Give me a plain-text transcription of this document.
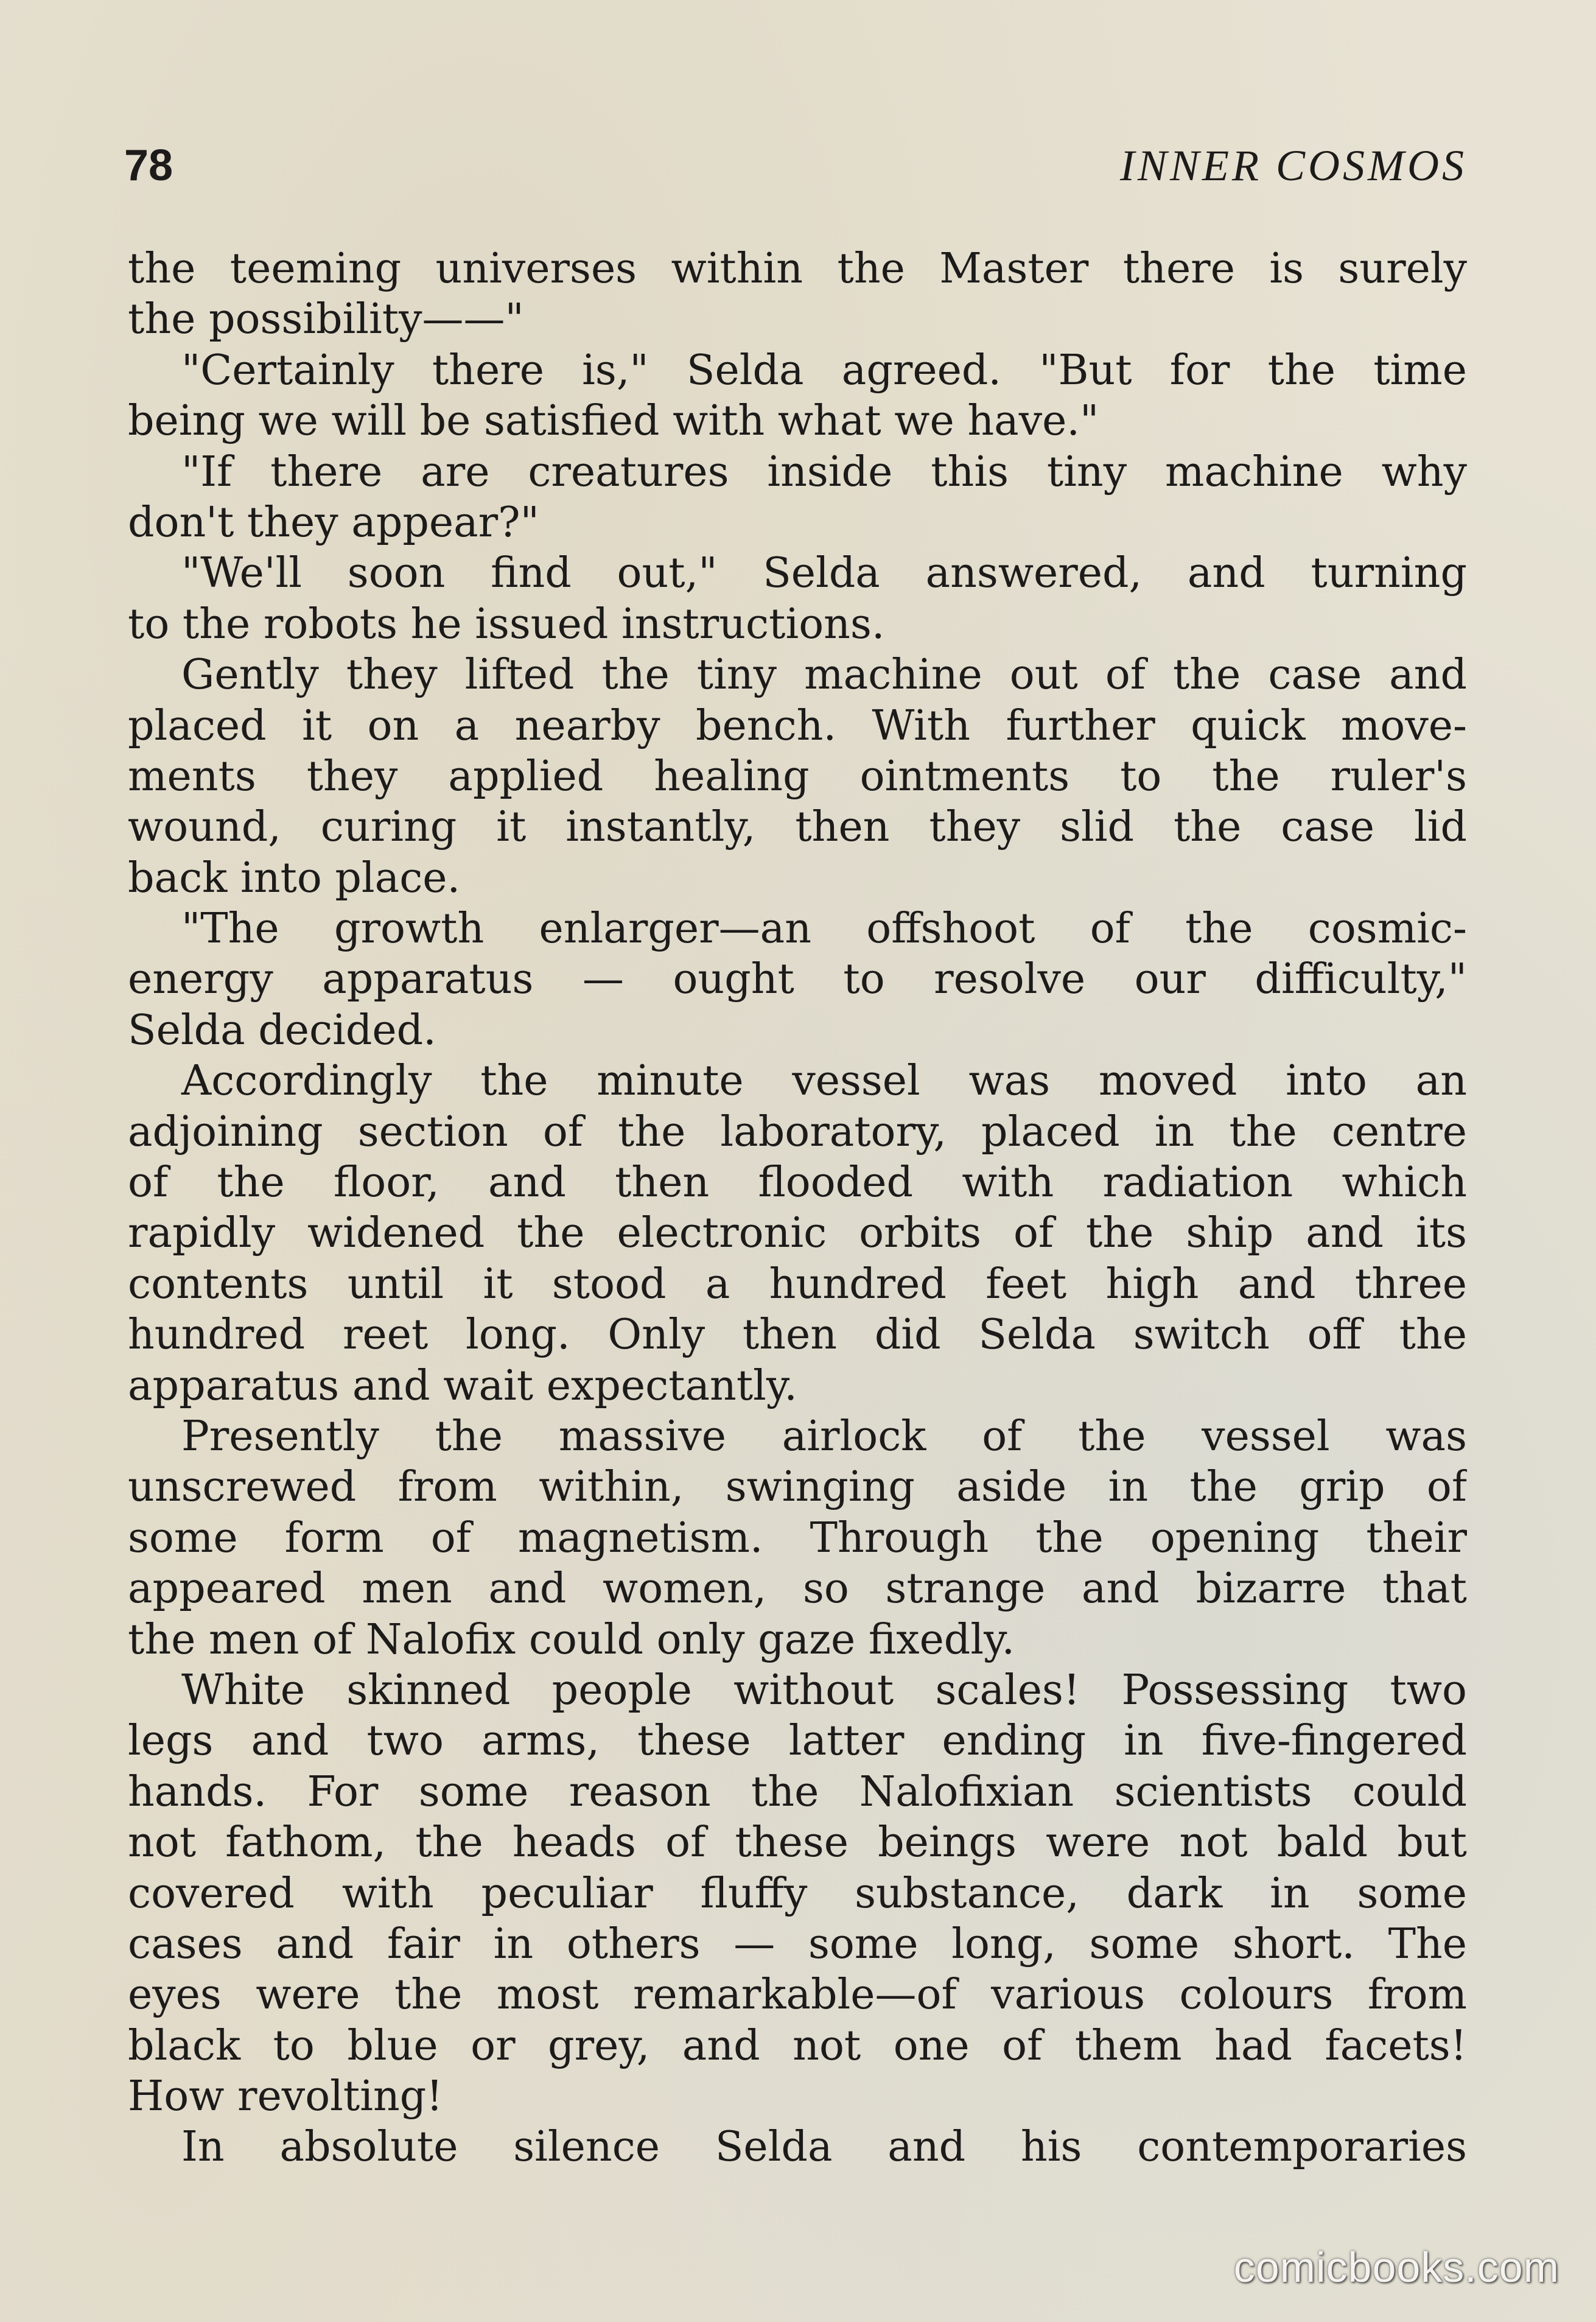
78	INNER COSMOS
the teeming universes within the Master there is surely
the possibility——"
"Certainly there is," Selda agreed. "But for the time
being we will be satisfied with what we have."
"If there are creatures inside this tiny machine why
don't they appear?"
"We'll soon find out," Selda answered, and turning
to the robots he issued instructions.
Gently they lifted the tiny machine out of the case and
placed it on a nearby bench. With further quick move-
ments they applied healing ointments to the ruler's
wound, curing it instantly, then they slid the case lid
back into place.
"The growth enlarger—an offshoot of the cosmic-
energy apparatus — ought to resolve our difficulty,"
Selda decided.
Accordingly the minute vessel was moved into an
adjoining section of the laboratory, placed in the centre
of the floor, and then flooded with radiation which
rapidly widened the electronic orbits of the ship and its
contents until it stood a hundred feet high and three
hundred reet long. Only then did Selda switch off the
apparatus and wait expectantly.
Presently the massive airlock of the vessel was
unscrewed from within, swinging aside in the grip of
some form of magnetism. Through the opening their
appeared men and women, so strange and bizarre that
the men of Nalofix could only gaze fixedly.
White skinned people without scales! Possessing two
legs and two arms, these latter ending in five-fingered
hands. For some reason the Nalofixian scientists could
not fathom, the heads of these beings were not bald but
covered with peculiar fluffy substance, dark in some
cases and fair in others — some long, some short. The
eyes were the most remarkable—of various colours from
black to blue or grey, and not one of them had facets!
How revolting!
In absolute silence Selda and his contemporaries
comicbooks.com
